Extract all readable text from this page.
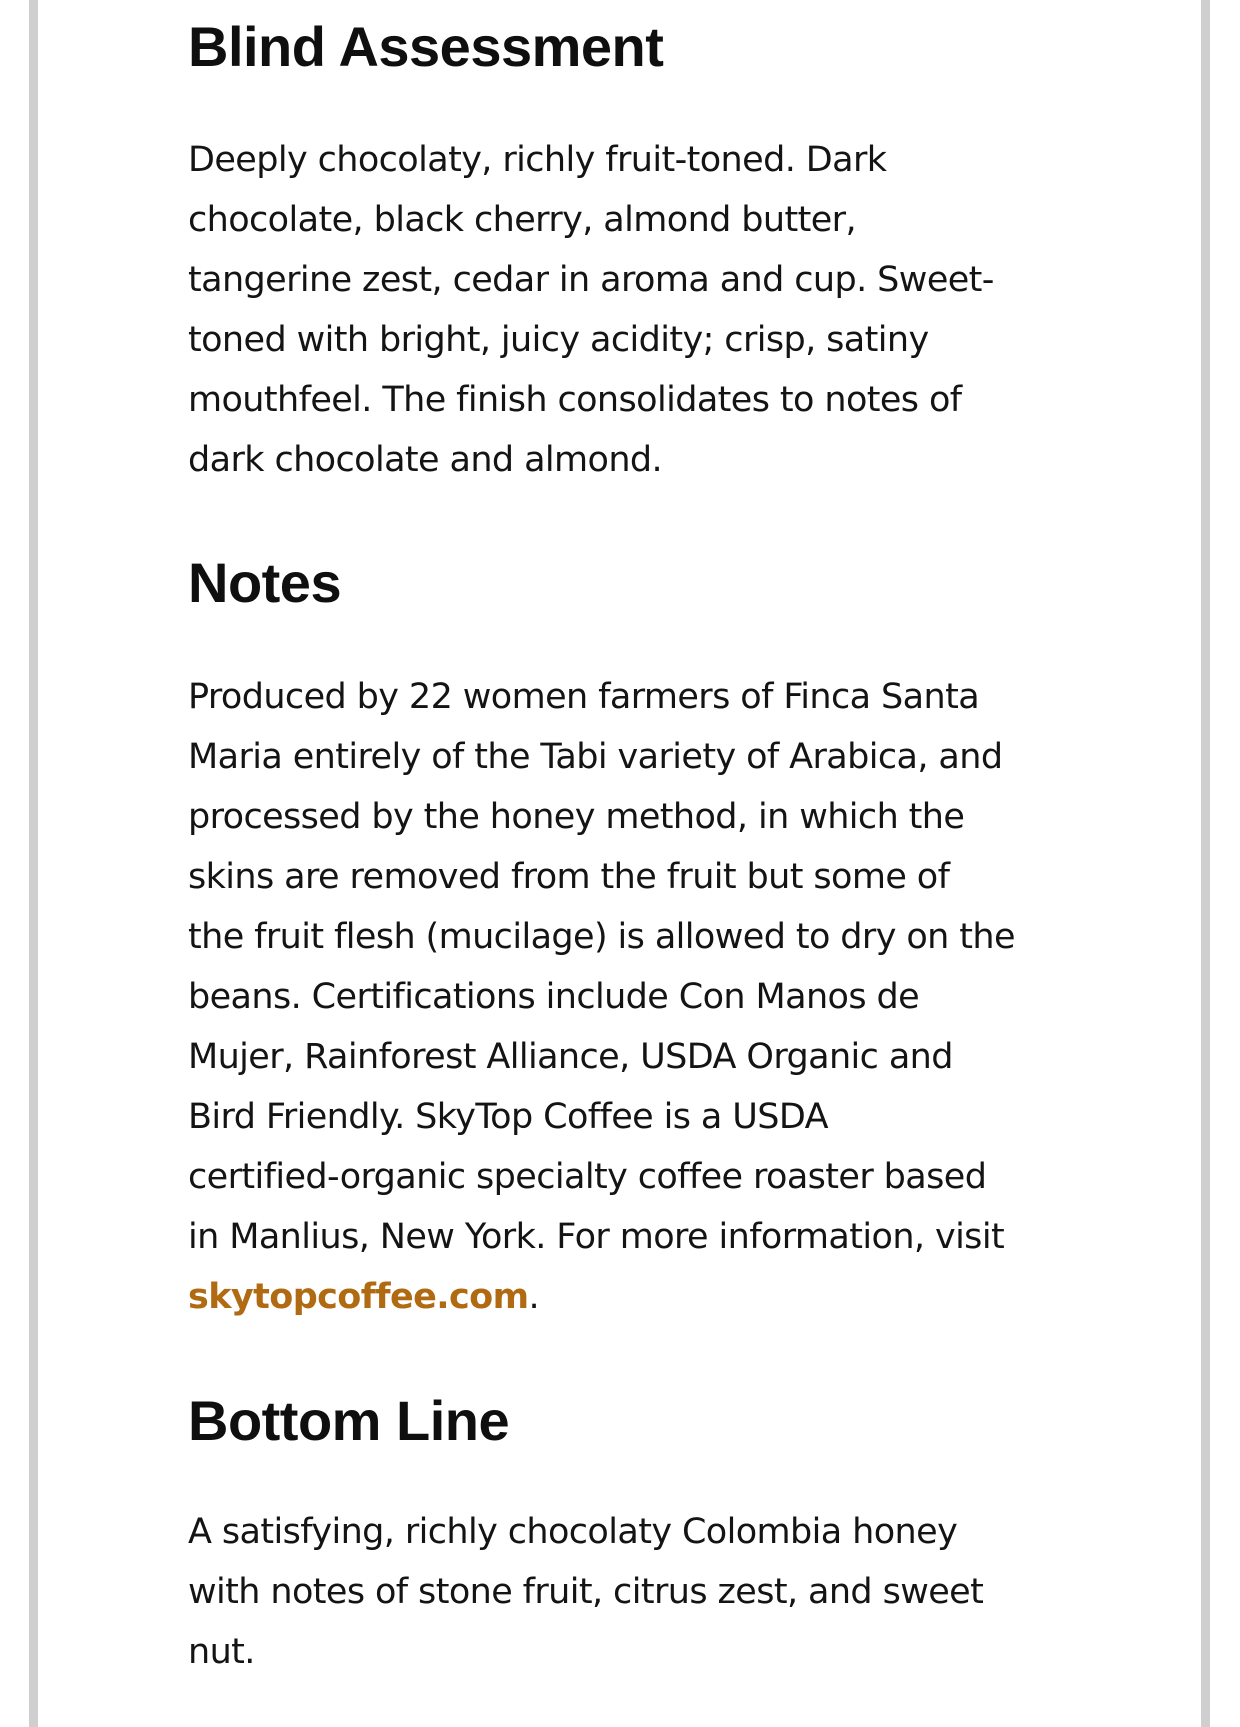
Blind Assessment

Deeply chocolaty, richly fruit-toned. Dark
chocolate, black cherry, almond butter,
tangerine zest, cedar in aroma and cup. Sweet-
toned with bright, juicy acidity; crisp, satiny
mouthfeel. The finish consolidates to notes of
dark chocolate and almond.

Notes

Produced by 22 women farmers of Finca Santa
Maria entirely of the Tabi variety of Arabica, and
processed by the honey method, in which the
skins are removed from the fruit but some of
the fruit flesh (mucilage) is allowed to dry on the
beans. Certifications include Con Manos de
Mujer, Rainforest Alliance, USDA Organic and
Bird Friendly. SkyTop Coffee is a USDA
certified-organic specialty coffee roaster based
in Manlius, New York. For more information, visit
skytopcoffee.com.

Bottom Line

A satisfying, richly chocolaty Colombia honey
with notes of stone fruit, citrus zest, and sweet
nut.
